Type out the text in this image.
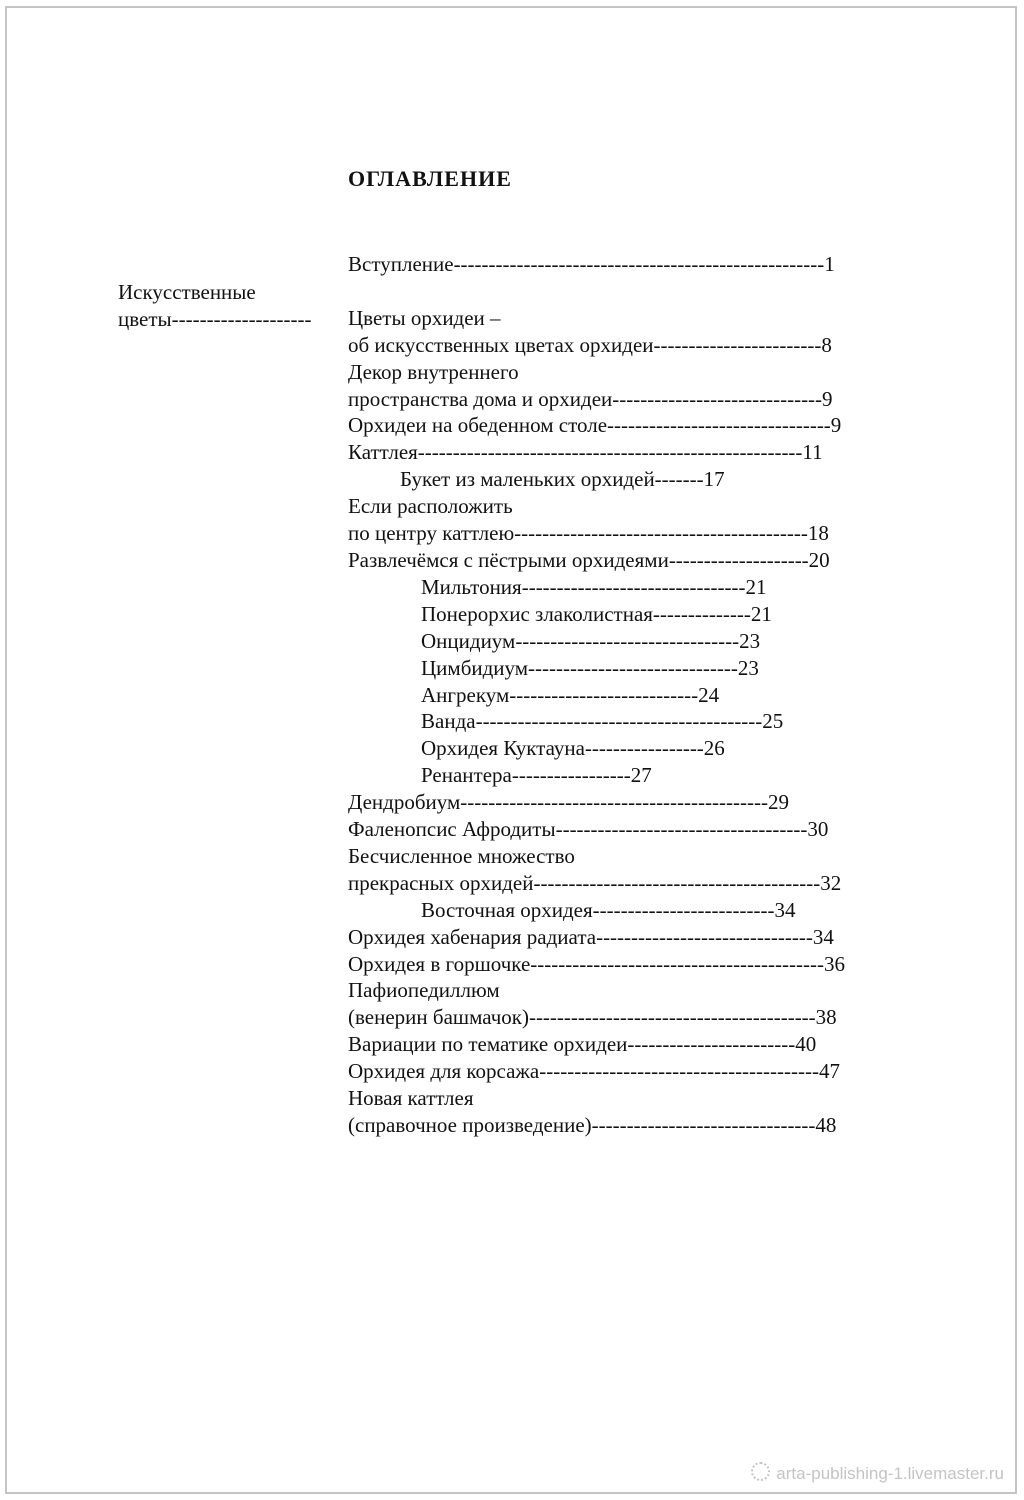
ОГЛАВЛЕНИЕ
Искусственные
цветы--------------------
Вступление-----------------------------------------------------1

Цветы орхидеи –
об искусственных цветах орхидеи------------------------8
Декор внутреннего
пространства дома и орхидеи------------------------------9
Орхидеи на обеденном столе--------------------------------9
Каттлея-------------------------------------------------------11
Букет из маленьких орхидей-------17
Если расположить
по центру каттлею------------------------------------------18
Развлечёмся с пёстрыми орхидеями--------------------20
Мильтония--------------------------------21
Понерорхис злаколистная--------------21
Онцидиум--------------------------------23
Цимбидиум------------------------------23
Ангрекум---------------------------24
Ванда-----------------------------------------25
Орхидея Куктауна-----------------26
Ренантера-----------------27
Дендробиум--------------------------------------------29
Фаленопсис Афродиты------------------------------------30
Бесчисленное множество
прекрасных орхидей-----------------------------------------32
Восточная орхидея--------------------------34
Орхидея хабенария радиата-------------------------------34
Орхидея в горшочке------------------------------------------36
Пафиопедиллюм
(венерин башмачок)-----------------------------------------38
Вариации по тематике орхидеи------------------------40
Орхидея для корсажа----------------------------------------47
Новая каттлея
(справочное произведение)--------------------------------48
arta-publishing-1.livemaster.ru
